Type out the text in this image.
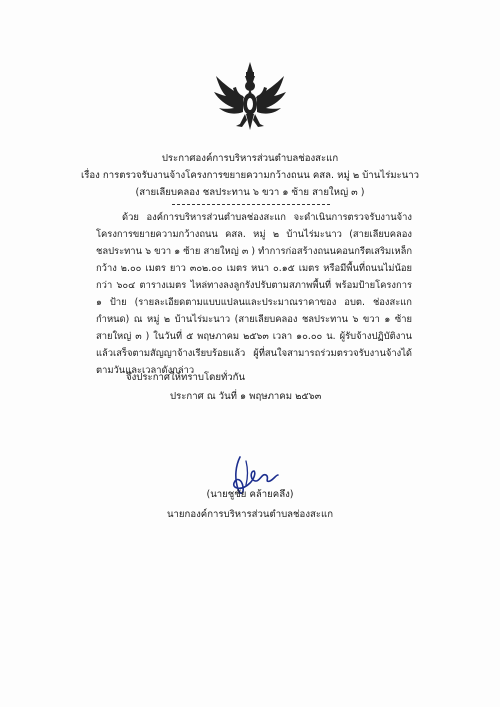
ประกาศองค์การบริหารส่วนตำบลช่องสะแก
เรื่อง การตรวจรับงานจ้างโครงการขยายความกว้างถนน คสล. หมู่ ๒ บ้านไร่มะนาว
(สายเลียบคลอง ชลประทาน ๖ ขวา ๑ ซ้าย สายใหญ่ ๓ )
ด้วย องค์การบริหารส่วนตำบลช่องสะแก จะดำเนินการตรวจรับงานจ้างโครงการขยายความกว้างถนน คสล. หมู่ ๒ บ้านไร่มะนาว (สายเลียบคลอง ชลประทาน ๖ ขวา ๑ ซ้าย สายใหญ่ ๓ ) ทำการก่อสร้างถนนคอนกรีตเสริมเหล็ก กว้าง ๒.๐๐ เมตร ยาว ๓๐๒.๐๐ เมตร หนา ๐.๑๕ เมตร หรือมีพื้นที่ถนนไม่น้อยกว่า ๖๐๔ ตารางเมตร ไหล่ทางลงลูกรังปรับตามสภาพพื้นที่ พร้อมป้ายโครงการ ๑ ป้าย (รายละเอียดตามแบบแปลนและประมาณราคาของ อบต. ช่องสะแกกำหนด) ณ หมู่ ๒ บ้านไร่มะนาว (สายเลียบคลอง ชลประทาน ๖ ขวา ๑ ซ้าย สายใหญ่ ๓ ) ในวันที่ ๕ พฤษภาคม ๒๕๖๓ เวลา ๑๐.๐๐ น. ผู้รับจ้างปฏิบัติงาน แล้วเสร็จตามสัญญาจ้างเรียบร้อยแล้ว ผู้ที่สนใจสามารถร่วมตรวจรับงานจ้างได้ตามวันและเวลาดังกล่าว
จึงประกาศให้ทราบโดยทั่วกัน
ประกาศ ณ วันที่ ๑ พฤษภาคม ๒๕๖๓
(นายชูชัย คล้ายคลึง)
นายกองค์การบริหารส่วนตำบลช่องสะแก
